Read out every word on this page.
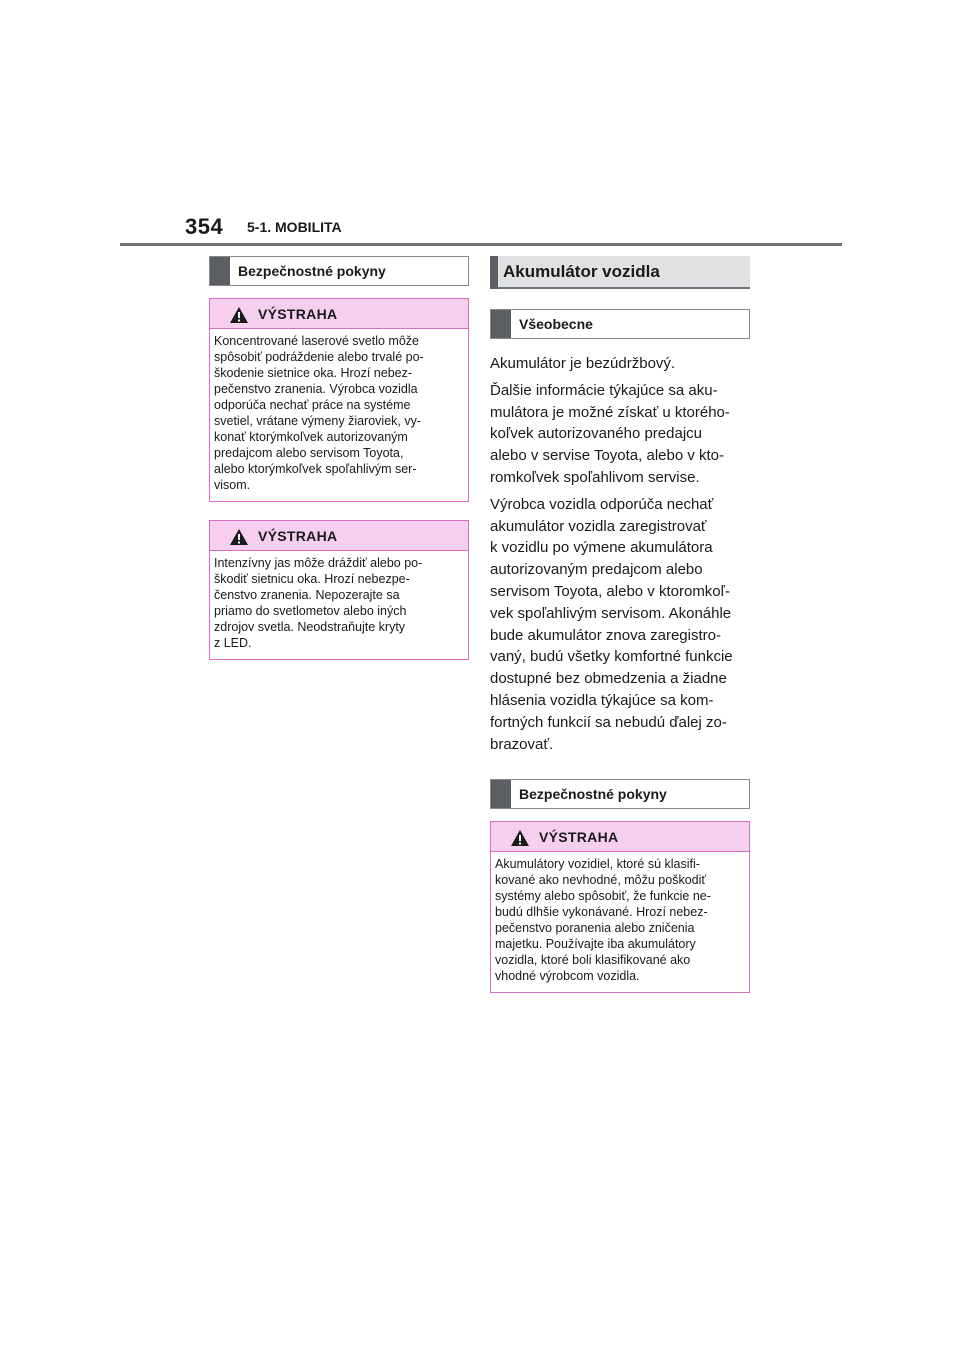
354 5-1. MOBILITA
Bezpečnostné pokyny
VÝSTRAHA
Koncentrované laserové svetlo môže
spôsobiť podráždenie alebo trvalé po-
škodenie sietnice oka. Hrozí nebez-
pečenstvo zranenia. Výrobca vozidla
odporúča nechať práce na systéme
svetiel, vrátane výmeny žiaroviek, vy-
konať ktorýmkoľvek autorizovaným
predajcom alebo servisom Toyota,
alebo ktorýmkoľvek spoľahlivým ser-
visom.
VÝSTRAHA
Intenzívny jas môže dráždiť alebo po-
škodiť sietnicu oka. Hrozí nebezpe-
čenstvo zranenia. Nepozerajte sa
priamo do svetlometov alebo iných
zdrojov svetla. Neodstraňujte kryty
z LED.
Akumulátor vozidla
Všeobecne

Akumulátor je bezúdržbový.

Ďalšie informácie týkajúce sa aku-
mulátora je možné získať u ktorého-
koľvek autorizovaného predajcu
alebo v servise Toyota, alebo v kto-
romkoľvek spoľahlivom servise.

Výrobca vozidla odporúča nechať
akumulátor vozidla zaregistrovať
k vozidlu po výmene akumulátora
autorizovaným predajcom alebo
servisom Toyota, alebo v ktoromkoľ-
vek spoľahlivým servisom. Akonáhle
bude akumulátor znova zaregistro-
vaný, budú všetky komfortné funkcie
dostupné bez obmedzenia a žiadne
hlásenia vozidla týkajúce sa kom-
fortných funkcií sa nebudú ďalej zo-
brazovať.

Bezpečnostné pokyny
VÝSTRAHA
Akumulátory vozidiel, ktoré sú klasifi-
kované ako nevhodné, môžu poškodiť
systémy alebo spôsobiť, že funkcie ne-
budú dlhšie vykonávané. Hrozí nebez-
pečenstvo poranenia alebo zničenia
majetku. Používajte iba akumulátory
vozidla, ktoré boli klasifikované ako
vhodné výrobcom vozidla.
